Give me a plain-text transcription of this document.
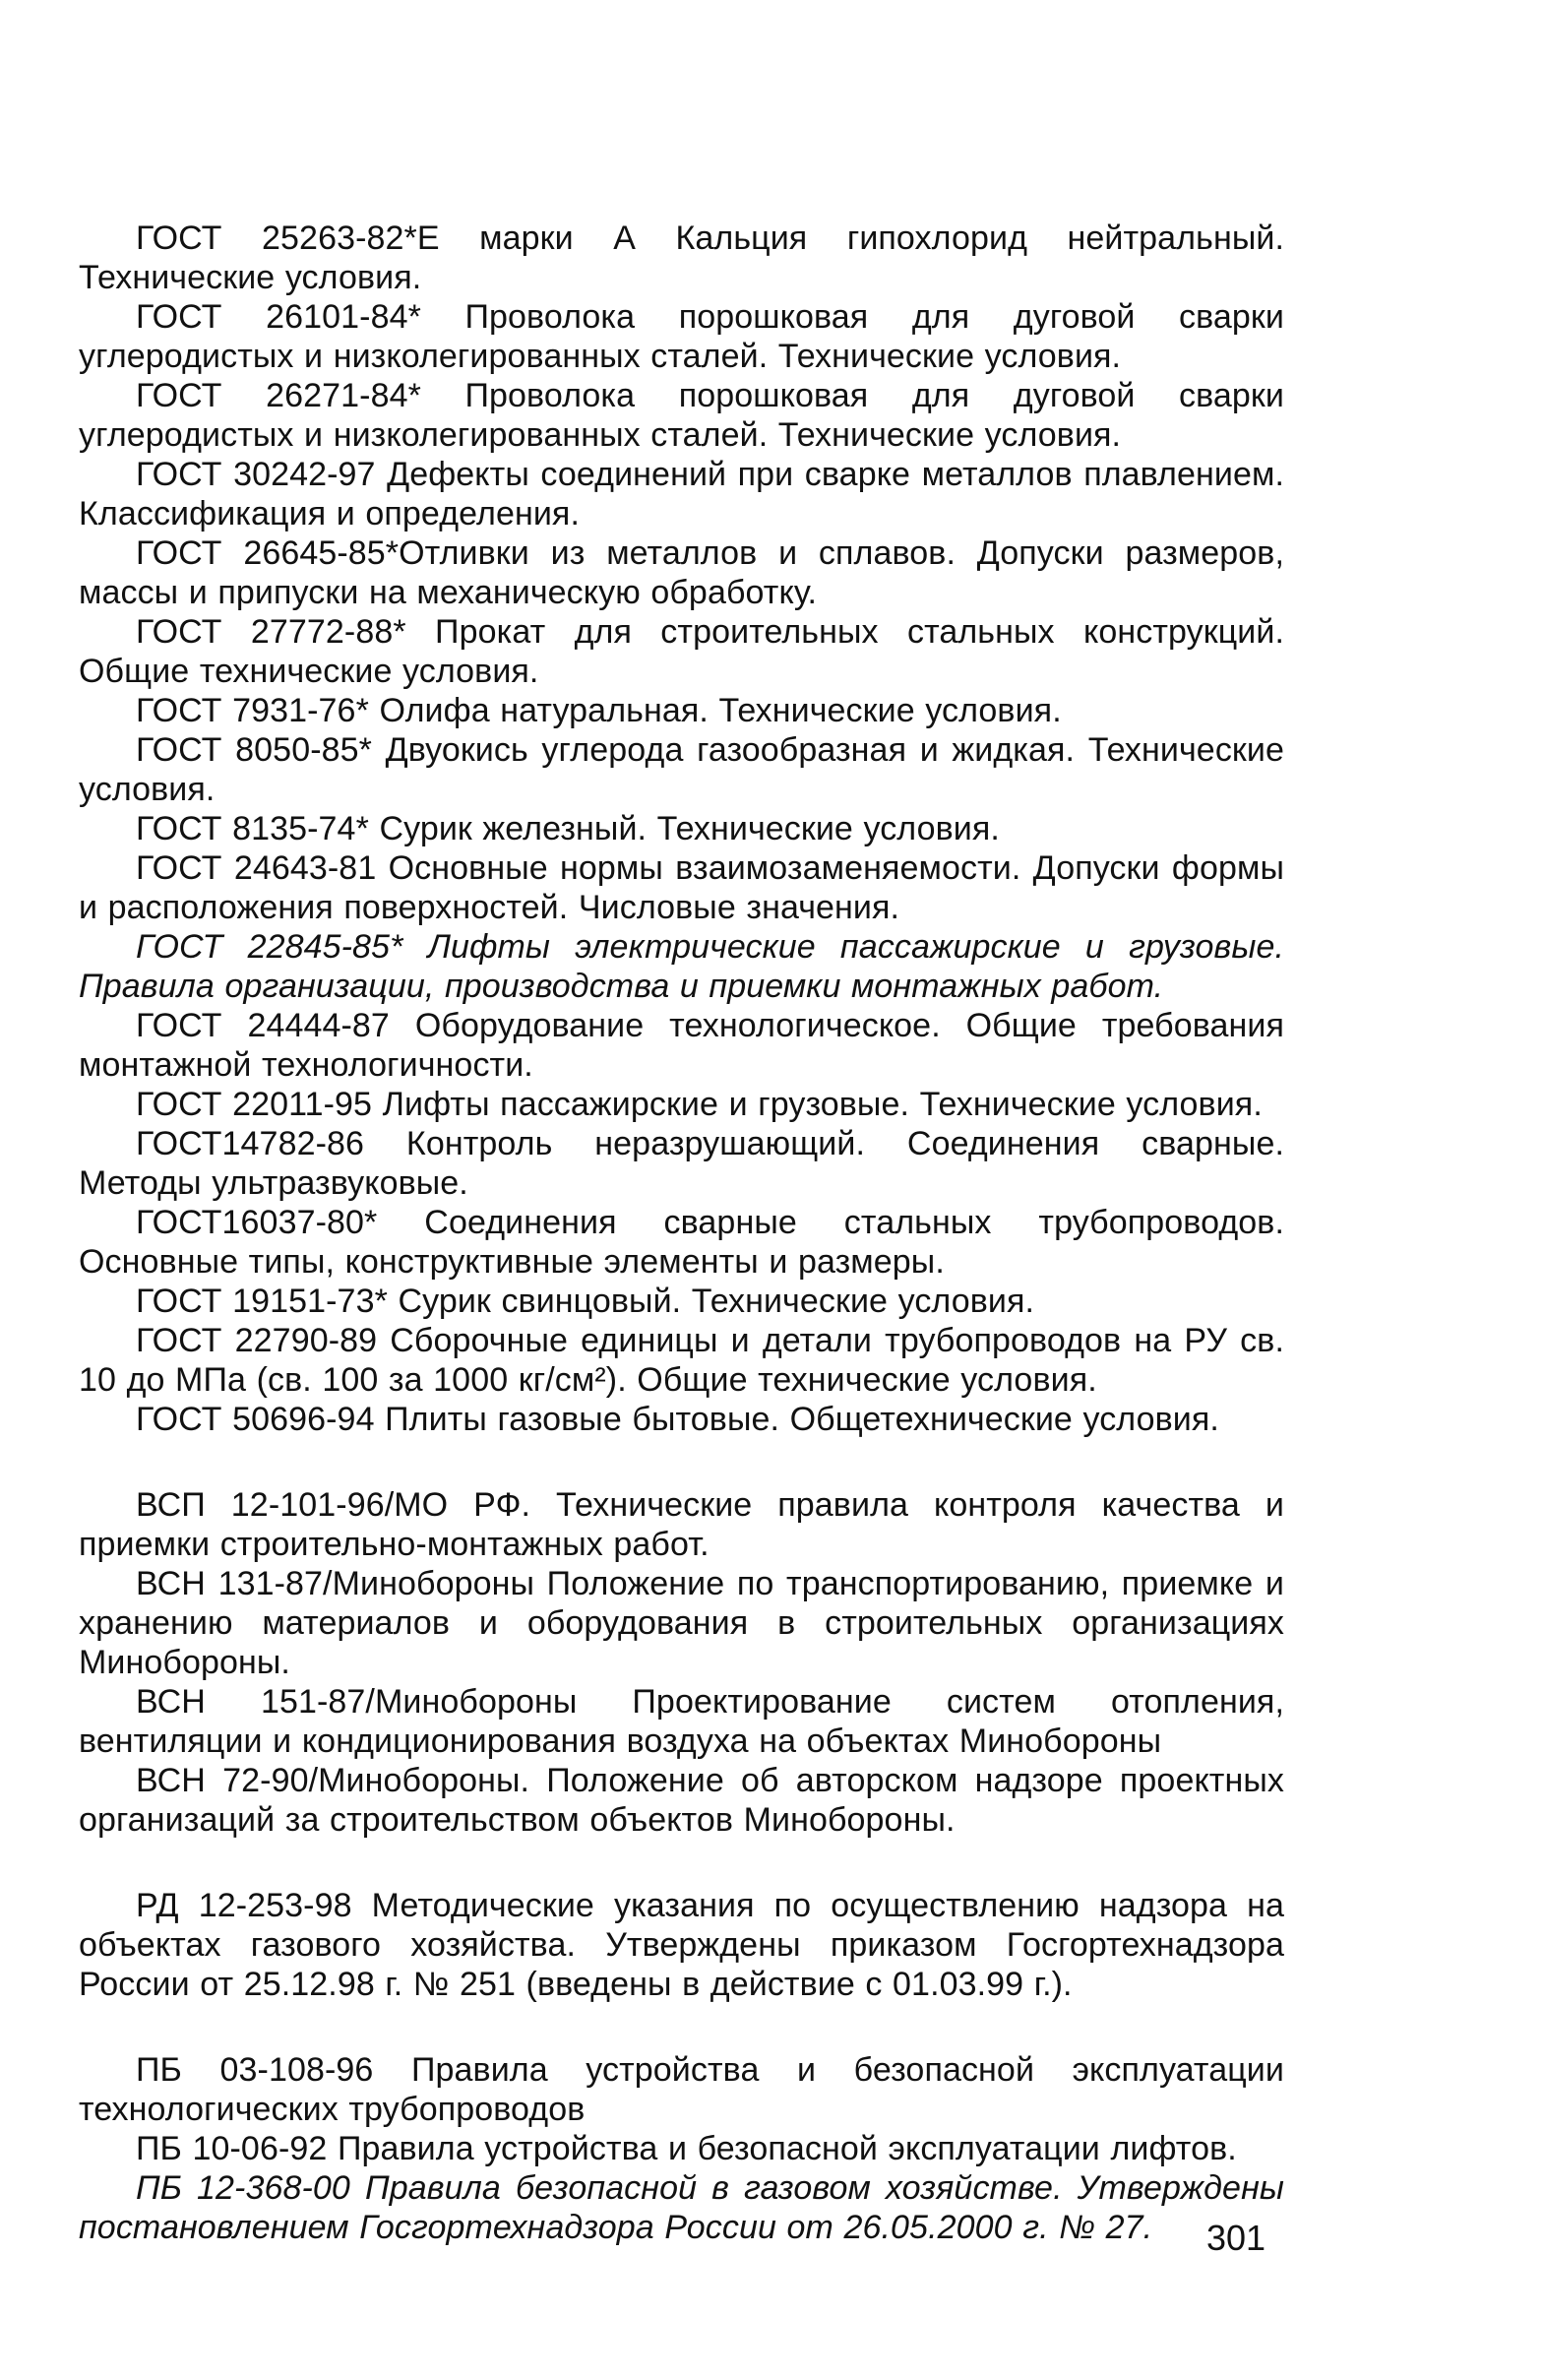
ГОСТ 25263-82*Е марки А Кальция гипохлорид нейтральный. Технические условия.

ГОСТ 26101-84* Проволока порошковая для дуговой сварки углеродистых и низколегированных сталей. Технические условия.

ГОСТ 26271-84* Проволока порошковая для дуговой сварки углеродистых и низколегированных сталей. Технические условия.

ГОСТ 30242-97 Дефекты соединений при сварке металлов плавлением. Классификация и определения.

ГОСТ 26645-85*Отливки из металлов и сплавов. Допуски размеров, массы и припуски на механическую обработку.

ГОСТ 27772-88* Прокат для строительных стальных конструкций. Общие технические условия.

ГОСТ 7931-76* Олифа натуральная. Технические условия.

ГОСТ 8050-85* Двуокись углерода газообразная и жидкая. Технические условия.

ГОСТ 8135-74* Сурик железный. Технические условия.

ГОСТ 24643-81 Основные нормы взаимозаменяемости. Допуски формы и расположения поверхностей. Числовые значения.

ГОСТ 22845-85* Лифты электрические пассажирские и грузовые. Правила организации, производства и приемки монтажных работ.

ГОСТ 24444-87 Оборудование технологическое. Общие требования монтажной технологичности.

ГОСТ 22011-95 Лифты пассажирские и грузовые. Технические условия.

ГОСТ14782-86 Контроль неразрушающий. Соединения сварные. Методы ультразвуковые.

ГОСТ16037-80* Соединения сварные стальных трубопроводов. Основные типы, конструктивные элементы и размеры.

ГОСТ 19151-73* Сурик свинцовый. Технические условия.

ГОСТ 22790-89 Сборочные единицы и детали трубопроводов на РУ св. 10 до МПа (св. 100 за 1000 кг/см²). Общие технические условия.

ГОСТ 50696-94 Плиты газовые бытовые. Общетехнические условия.

ВСП 12-101-96/МО РФ. Технические правила контроля качества и приемки строительно-монтажных работ.

ВСН 131-87/Минобороны Положение по транспортированию, приемке и хранению материалов и оборудования в строительных организациях Минобороны.

ВСН 151-87/Минобороны Проектирование систем отопления, вентиляции и кондиционирования воздуха на объектах Минобороны

ВСН 72-90/Минобороны. Положение об авторском надзоре проектных организаций за строительством объектов Минобороны.

РД 12-253-98 Методические указания по осуществлению надзора на объектах газового хозяйства. Утверждены приказом Госгортехнадзора России от 25.12.98 г. № 251 (введены в действие с 01.03.99 г.).

ПБ 03-108-96 Правила устройства и безопасной эксплуатации технологических трубопроводов

ПБ 10-06-92 Правила устройства и безопасной эксплуатации лифтов.

ПБ 12-368-00 Правила безопасной в газовом хозяйстве. Утверждены постановлением Госгортехнадзора России от 26.05.2000 г. № 27.	301
